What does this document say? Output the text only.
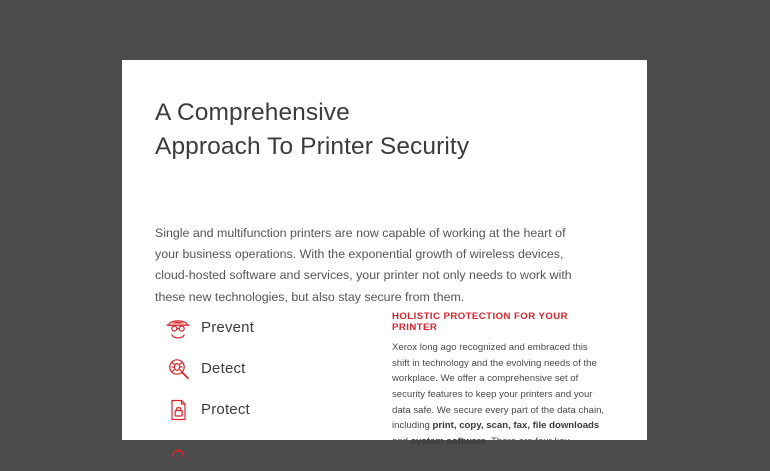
A Comprehensive
Approach To Printer Security

Single and multifunction printers are now capable of working at the heart of your business operations. With the exponential growth of wireless devices, cloud-hosted software and services, your printer not only needs to work with these new technologies, but also stay secure from them.

Prevent
Detect
Protect
HOLISTIC PROTECTION FOR YOUR PRINTER

Xerox long ago recognized and embraced this shift in technology and the evolving needs of the workplace. We offer a comprehensive set of security features to keep your printers and your data safe. We secure every part of the data chain, including print, copy, scan, fax, file downloads and system software. There are four key aspects to our multi-layered approach.
